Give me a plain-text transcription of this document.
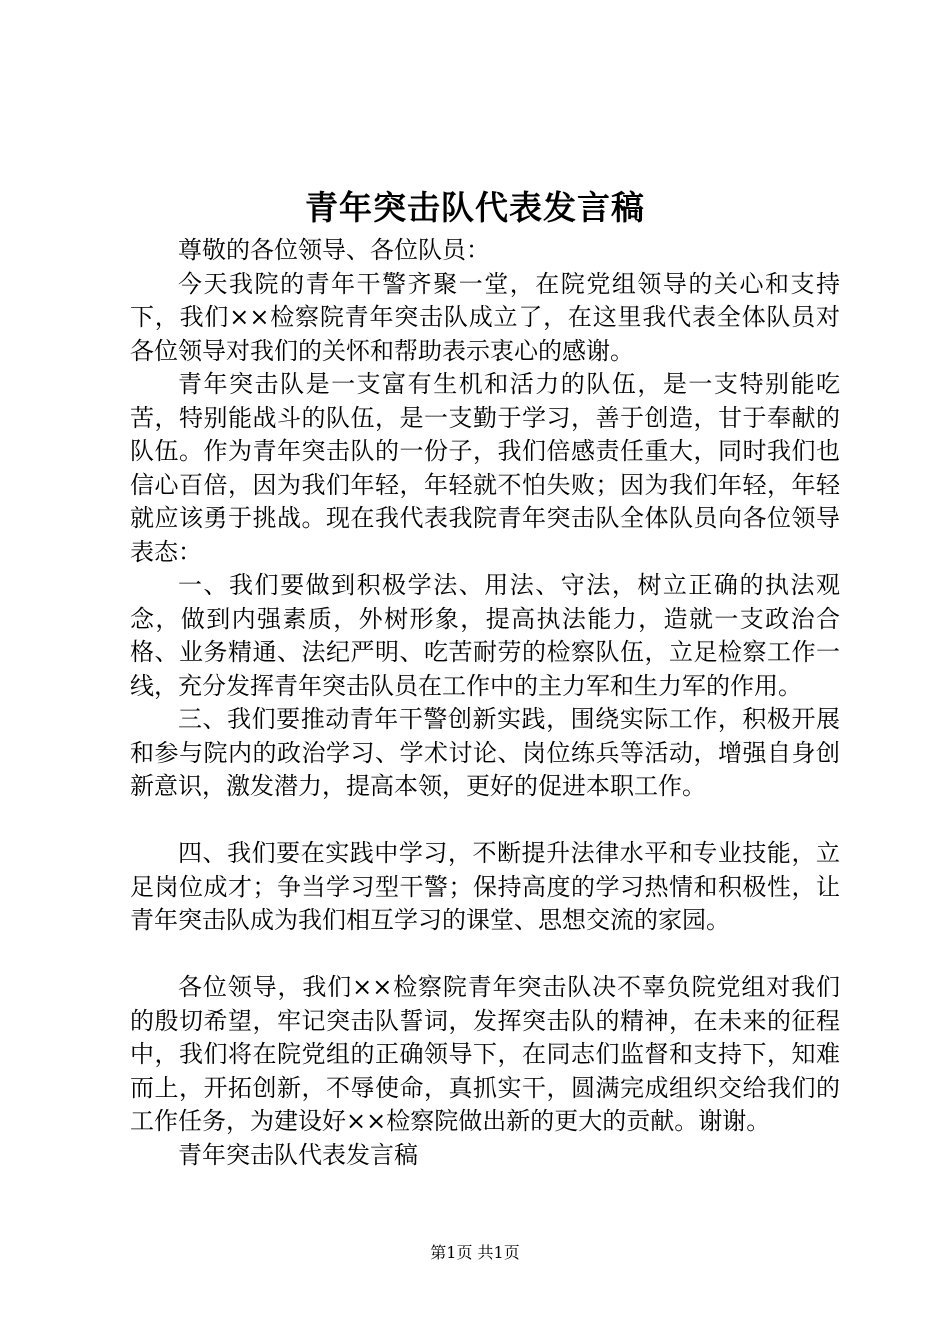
青年突击队代表发言稿

尊敬的各位领导、各位队员：

今天我院的青年干警齐聚一堂，在院党组领导的关心和支持下，我们××检察院青年突击队成立了，在这里我代表全体队员对各位领导对我们的关怀和帮助表示衷心的感谢。

青年突击队是一支富有生机和活力的队伍，是一支特别能吃苦，特别能战斗的队伍，是一支勤于学习，善于创造，甘于奉献的队伍。作为青年突击队的一份子，我们倍感责任重大，同时我们也信心百倍，因为我们年轻，年轻就不怕失败；因为我们年轻，年轻就应该勇于挑战。现在我代表我院青年突击队全体队员向各位领导表态：

一、我们要做到积极学法、用法、守法，树立正确的执法观念，做到内强素质，外树形象，提高执法能力，造就一支政治合格、业务精通、法纪严明、吃苦耐劳的检察队伍，立足检察工作一线，充分发挥青年突击队员在工作中的主力军和生力军的作用。

三、我们要推动青年干警创新实践，围绕实际工作，积极开展和参与院内的政治学习、学术讨论、岗位练兵等活动，增强自身创新意识，激发潜力，提高本领，更好的促进本职工作。

四、我们要在实践中学习，不断提升法律水平和专业技能，立足岗位成才；争当学习型干警；保持高度的学习热情和积极性，让青年突击队成为我们相互学习的课堂、思想交流的家园。

各位领导，我们××检察院青年突击队决不辜负院党组对我们的殷切希望，牢记突击队誓词，发挥突击队的精神，在未来的征程中，我们将在院党组的正确领导下，在同志们监督和支持下，知难而上，开拓创新，不辱使命，真抓实干，圆满完成组织交给我们的工作任务，为建设好××检察院做出新的更大的贡献。谢谢。

青年突击队代表发言稿

第1页 共1页
